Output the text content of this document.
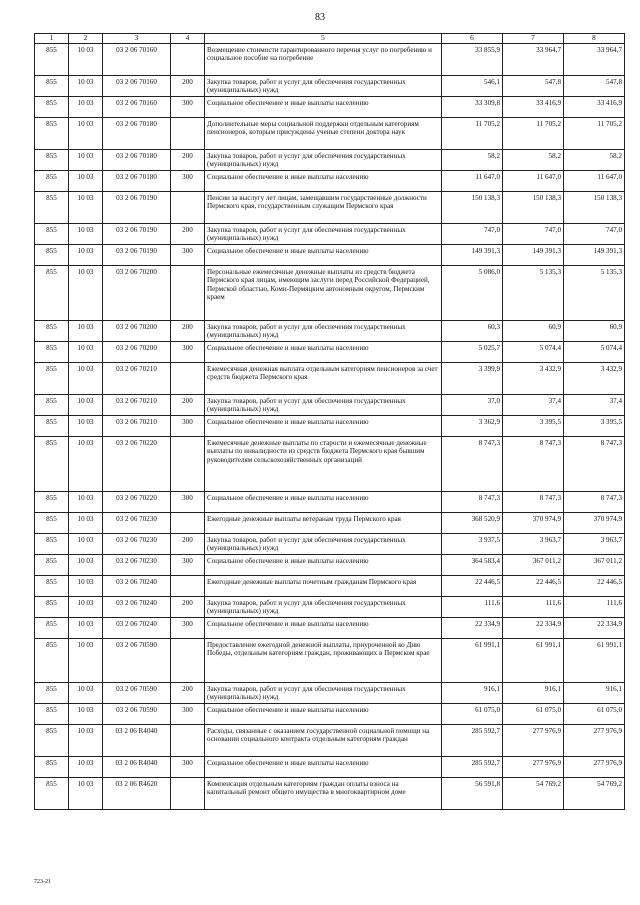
83
1	2	3	4	5	6	7	8
855	10 03	03 2 06 70160		Возмещение стоимости гарантированного перечня услуг по погребению и социальное пособие на погребение	33 855,9	33 964,7	33 964,7
855	10 03	03 2 06 70160	200	Закупка товаров, работ и услуг для обеспечения государственных (муниципальных) нужд	546,1	547,8	547,8
855	10 03	03 2 06 70160	300	Социальное обеспечение и иные выплаты населению	33 309,8	33 416,9	33 416,9
855	10 03	03 2 06 70180		Дополнительные меры социальной поддержки отдельным категориям пенсионеров, которым присуждены ученые степени доктора наук	11 705,2	11 705,2	11 705,2
855	10 03	03 2 06 70180	200	Закупка товаров, работ и услуг для обеспечения государственных (муниципальных) нужд	58,2	58,2	58,2
855	10 03	03 2 06 70180	300	Социальное обеспечение и иные выплаты населению	11 647,0	11 647,0	11 647,0
855	10 03	03 2 06 70190		Пенсии за выслугу лет лицам, замещавшим государственные должности Пермского края, государственным служащим Пермского края	150 138,3	150 138,3	150 138,3
855	10 03	03 2 06 70190	200	Закупка товаров, работ и услуг для обеспечения государственных (муниципальных) нужд	747,0	747,0	747,0
855	10 03	03 2 06 70190	300	Социальное обеспечение и иные выплаты населению	149 391,3	149 391,3	149 391,3
855	10 03	03 2 06 70200		Персональные ежемесячные денежные выплаты из средств бюджета Пермского края лицам, имеющим заслуги перед Российской Федерацией, Пермской областью, Коми-Пермяцким автономным округом, Пермским краем	5 086,0	5 135,3	5 135,3
855	10 03	03 2 06 70200	200	Закупка товаров, работ и услуг для обеспечения государственных (муниципальных) нужд	60,3	60,9	60,9
855	10 03	03 2 06 70200	300	Социальное обеспечение и иные выплаты населению	5 025,7	5 074,4	5 074,4
855	10 03	03 2 06 70210		Ежемесячная денежная выплата отдельным категориям пенсионеров за счет средств бюджета Пермского края	3 399,9	3 432,9	3 432,9
855	10 03	03 2 06 70210	200	Закупка товаров, работ и услуг для обеспечения государственных (муниципальных) нужд	37,0	37,4	37,4
855	10 03	03 2 06 70210	300	Социальное обеспечение и иные выплаты населению	3 362,9	3 395,5	3 395,5
855	10 03	03 2 06 70220		Ежемесячные денежные выплаты по старости и ежемесячные денежные выплаты по инвалидности из средств бюджета Пермского края бывшим руководителям сельскохозяйственных организаций	8 747,3	8 747,3	8 747,3
855	10 03	03 2 06 70220	300	Социальное обеспечение и иные выплаты населению	8 747,3	8 747,3	8 747,3
855	10 03	03 2 06 70230		Ежегодные денежные выплаты ветеранам труда Пермского края	368 520,9	370 974,9	370 974,9
855	10 03	03 2 06 70230	200	Закупка товаров, работ и услуг для обеспечения государственных (муниципальных) нужд	3 937,5	3 963,7	3 963,7
855	10 03	03 2 06 70230	300	Социальное обеспечение и иные выплаты населению	364 583,4	367 011,2	367 011,2
855	10 03	03 2 06 70240		Ежегодные денежные выплаты почетным гражданам Пермского края	22 446,5	22 446,5	22 446,5
855	10 03	03 2 06 70240	200	Закупка товаров, работ и услуг для обеспечения государственных (муниципальных) нужд	111,6	111,6	111,6
855	10 03	03 2 06 70240	300	Социальное обеспечение и иные выплаты населению	22 334,9	22 334,9	22 334,9
855	10 03	03 2 06 70590		Предоставление ежегодной денежной выплаты, приуроченной ко Дню Победы, отдельным категориям граждан, проживающих в Пермском крае	61 991,1	61 991,1	61 991,1
855	10 03	03 2 06 70590	200	Закупка товаров, работ и услуг для обеспечения государственных (муниципальных) нужд	916,1	916,1	916,1
855	10 03	03 2 06 70590	300	Социальное обеспечение и иные выплаты населению	61 075,0	61 075,0	61 075,0
855	10 03	03 2 06 R4040		Расходы, связанные с оказанием государственной социальной помощи на основании социального контракта отдельным категориям граждан	285 592,7	277 976,9	277 976,9
855	10 03	03 2 06 R4040	300	Социальное обеспечение и иные выплаты населению	285 592,7	277 976,9	277 976,9
855	10 03	03 2 06 R4620		Компенсация отдельным категориям граждан оплаты взноса на капитальный ремонт общего имущества в многоквартирном доме	56 591,8	54 769,2	54 769,2
723-21
